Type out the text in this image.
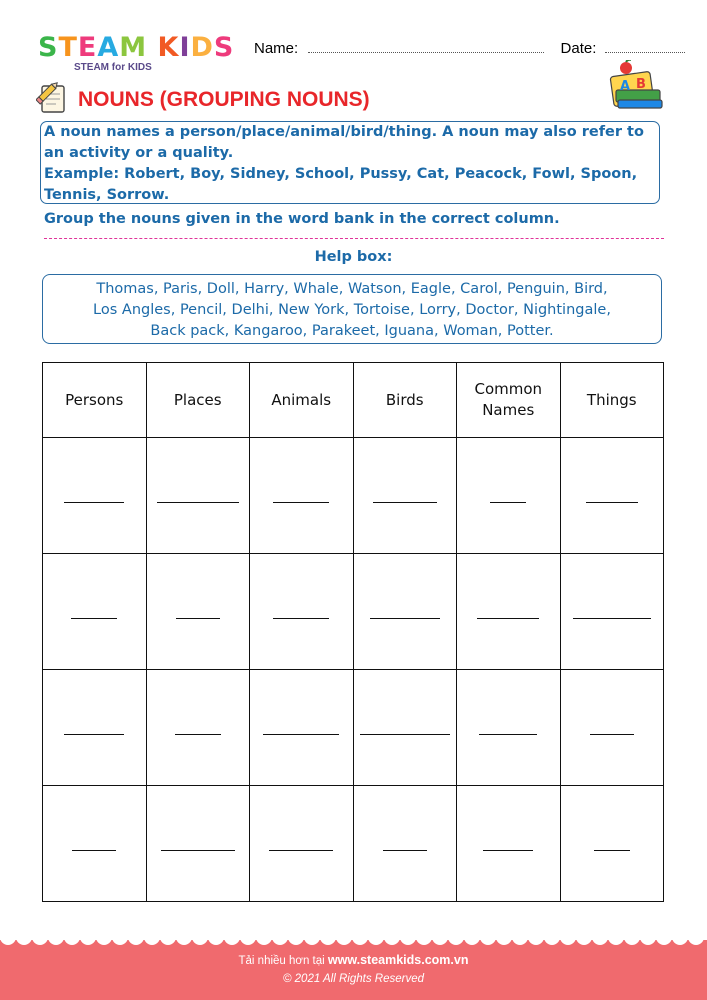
STEAM KIDS
STEAM for KIDS
Name:	Date:
NOUNS (GROUPING NOUNS)
A B

A noun names a person/place/animal/bird/thing. A noun may also refer to an activity or a quality.

Example: Robert, Boy, Sidney, School, Pussy, Cat, Peacock, Fowl, Spoon, Tennis, Sorrow.

Group the nouns given in the word bank in the correct column.
Help box:
Thomas, Paris, Doll, Harry, Whale, Watson, Eagle, Carol, Penguin, Bird,
Los Angles, Pencil, Delhi, New York, Tortoise, Lorry, Doctor, Nightingale,
Back pack, Kangaroo, Parakeet, Iguana, Woman, Potter.
Persons	Places	Animals	Birds	Common Names	Things

Tải nhiều hơn tại www.steamkids.com.vn
© 2021 All Rights Reserved
